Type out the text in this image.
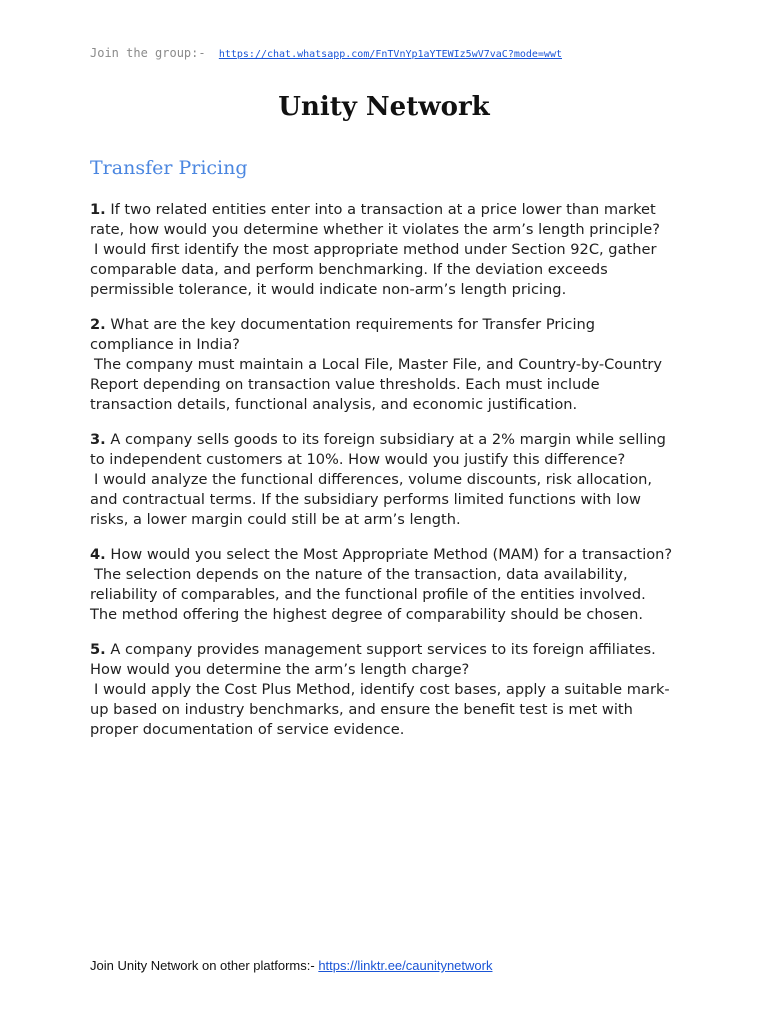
Join the group:- https://chat.whatsapp.com/FnTVnYp1aYTEWIz5wV7vaC?mode=wwt
Unity Network
Transfer Pricing

1. If two related entities enter into a transaction at a price lower than market rate, how would you determine whether it violates the arm’s length principle?

I would first identify the most appropriate method under Section 92C, gather comparable data, and perform benchmarking. If the deviation exceeds permissible tolerance, it would indicate non-arm’s length pricing.

2. What are the key documentation requirements for Transfer Pricing compliance in India?

The company must maintain a Local File, Master File, and Country-by-Country Report depending on transaction value thresholds. Each must include transaction details, functional analysis, and economic justification.

3. A company sells goods to its foreign subsidiary at a 2% margin while selling to independent customers at 10%. How would you justify this difference?

I would analyze the functional differences, volume discounts, risk allocation, and contractual terms. If the subsidiary performs limited functions with low risks, a lower margin could still be at arm’s length.

4. How would you select the Most Appropriate Method (MAM) for a transaction?

The selection depends on the nature of the transaction, data availability, reliability of comparables, and the functional profile of the entities involved. The method offering the highest degree of comparability should be chosen.

5. A company provides management support services to its foreign affiliates. How would you determine the arm’s length charge?

I would apply the Cost Plus Method, identify cost bases, apply a suitable mark-up based on industry benchmarks, and ensure the benefit test is met with proper documentation of service evidence.

Join Unity Network on other platforms:- https://linktr.ee/caunitynetwork
